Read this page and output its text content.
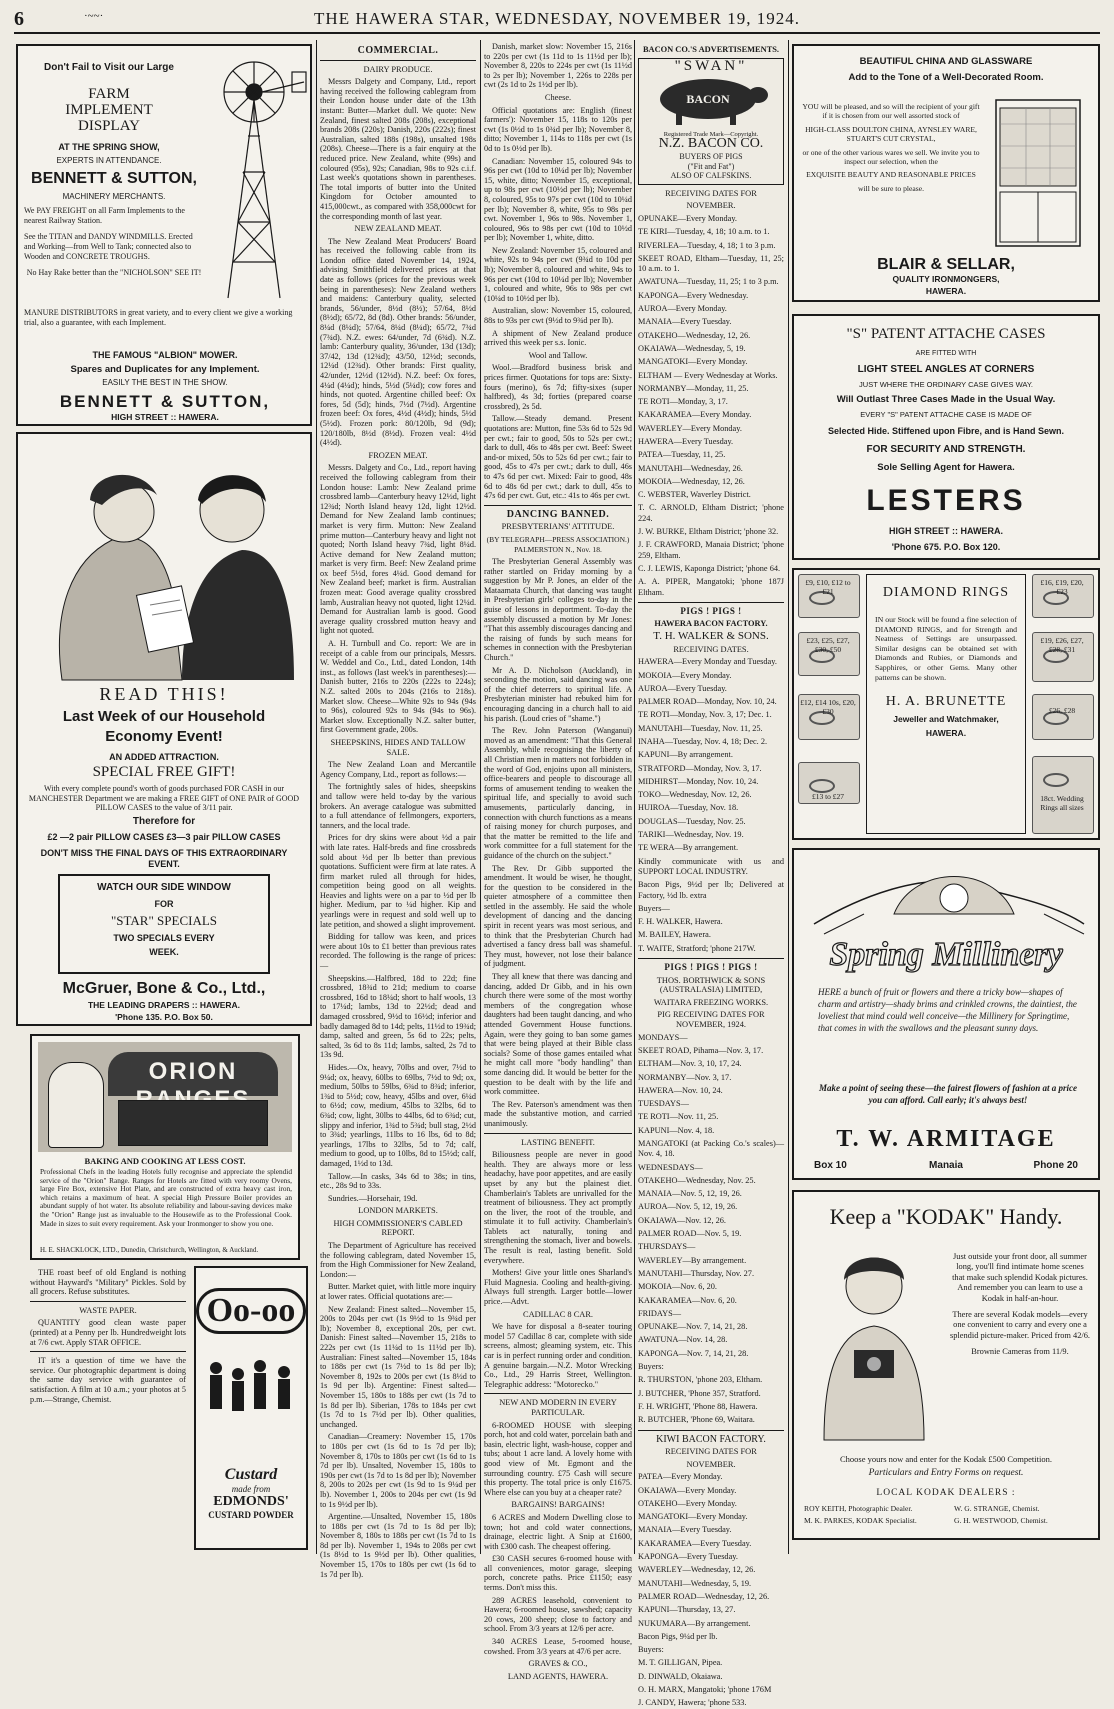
6	·~~·	THE HAWERA STAR, WEDNESDAY, NOVEMBER 19, 1924.
Don't Fail to Visit our Large
FARM
IMPLEMENT
DISPLAY
AT THE SPRING SHOW,
EXPERTS IN ATTENDANCE.
BENNETT & SUTTON,
MACHINERY MERCHANTS.

We PAY FREIGHT on all Farm Implements to the nearest Railway Station.

See the TITAN and DANDY WINDMILLS. Erected and Working—from Well to Tank; connected also to Wooden and CONCRETE TROUGHS.

No Hay Rake better than the "NICHOLSON" SEE IT!

MANURE DISTRIBUTORS in great variety, and to every client we give a working trial, also a guarantee, with each Implement.
THE FAMOUS "ALBION" MOWER.
Spares and Duplicates for any Implement.
EASILY THE BEST IN THE SHOW.
BENNETT & SUTTON,
HIGH STREET :: HAWERA.
READ THIS!
Last Week of our Household
Economy Event!
AN ADDED ATTRACTION.
SPECIAL FREE GIFT!
With every complete pound's worth of goods purchased FOR CASH in our MANCHESTER Department we are making a FREE GIFT of ONE PAIR of GOOD PILLOW CASES to the value of 3/11 pair.
Therefore for
£2 —2 pair PILLOW CASES £3—3 pair PILLOW CASES
DON'T MISS THE FINAL DAYS OF THIS EXTRAORDINARY EVENT.
WATCH OUR SIDE WINDOW
FOR
"STAR" SPECIALS
TWO SPECIALS EVERY
WEEK.
McGruer, Bone & Co., Ltd.,
THE LEADING DRAPERS :: HAWERA.
'Phone 135. P.O. Box 50.
ORION
BAKING AND COOKING AT LESS COST.
Professional Chefs in the leading Hotels fully recognise and appreciate the splendid service of the "Orion" Range. Ranges for Hotels are fitted with very roomy Ovens, large Fire Box, extensive Hot Plate, and are constructed of extra heavy cast iron, which retains a maximum of heat. A special High Pressure Boiler provides an abundant supply of hot water. Its absolute reliability and labour-saving devices make the "Orion" Range just as invaluable to the Housewife as to the Professional Cook. Made in sizes to suit every requirement. Ask your Ironmonger to show you one.
H. E. SHACKLOCK, LTD., Dunedin, Christchurch, Wellington, & Auckland.

THE roast beef of old England is nothing without Hayward's "Military" Pickles. Sold by all grocers. Refuse substitutes.

WASTE PAPER.

QUANTITY good clean waste paper (printed) at a Penny per lb. Hundredweight lots at 7/6 cwt. Apply STAR OFFICE.

IT it's a question of time we have the service. Our photographic department is doing the same day service with guarantee of satisfaction. A film at 10 a.m.; your photos at 5 p.m.—Strange, Chemist.

Oo-oo
Custard
made from
EDMONDS'
CUSTARD POWDER

COMMERCIAL.

DAIRY PRODUCE.

Messrs Dalgety and Company, Ltd., report having received the following cablegram from their London house under date of the 13th instant: Butter—Market dull. We quote: New Zealand, finest salted 208s (208s), exceptional brands 208s (220s); Danish, 220s (222s); finest Australian, salted 188s (198s), unsalted 198s (208s). Cheese—There is a fair enquiry at the reduced price. New Zealand, white (99s) and coloured (95s), 92s; Canadian, 98s to 92s c.i.f. Last week's quotations shown in parentheses. The total imports of butter into the United Kingdom for October amounted to 415,000cwt., as compared with 358,000cwt for the corresponding month of last year.

NEW ZEALAND MEAT.

The New Zealand Meat Producers' Board has received the following cable from its London office dated November 14, 1924, advising Smithfield delivered prices at that date as follows (prices for the previous week being in parentheses): New Zealand wethers and maidens: Canterbury quality, selected brands, 56/under, 8½d (8½); 57/64, 8½d (8½d); 65/72, 8d (8d). Other brands: 56/under, 8¼d (8¼d); 57/64, 8¼d (8¼d); 65/72, 7¾d (7¾d). N.Z. ewes: 64/under, 7d (6¾d). N.Z. lamb: Canterbury quality, 36/under, 13d (13d); 37/42, 13d (12¾d); 43/50, 12½d; seconds, 12¼d (12¾d). Other brands: First quality, 42/under, 12½d (12½d). N.Z. beef: Ox fores, 4¼d (4¼d); hinds, 5½d (5¼d); cow fores and hinds, not quoted. Argentine chilled beef: Ox fores, 5d (5d); hinds, 7½d (7½d). Argentine frozen beef: Ox fores, 4½d (4½d); hinds, 5½d (5½d). Frozen pork: 80/120lb, 9d (9d); 120/180lb, 8½d (8½d). Frozen veal: 4½d (4½d).

FROZEN MEAT.

Messrs. Dalgety and Co., Ltd., report having received the following cablegram from their London house: Lamb: New Zealand prime crossbred lamb—Canterbury heavy 12½d, light 12¾d; North Island heavy 12d, light 12½d. Demand for New Zealand lamb continues; market is very firm. Mutton: New Zealand prime mutton—Canterbury heavy and light not quoted; North Island heavy 7¾d, light 8¼d. Active demand for New Zealand mutton; market is very firm. Beef: New Zealand prime ox beef 5½d, fores 4¼d. Good demand for New Zealand beef; market is firm. Australian frozen meat: Good average quality crossbred lamb, Australian heavy not quoted, light 12¼d. Demand for Australian lamb is good. Good average quality crossbred mutton heavy and light not quoted.

A. H. Turnbull and Co. report: We are in receipt of a cable from our principals, Messrs. W. Weddel and Co., Ltd., dated London, 14th inst., as follows (last week's in parentheses):—Danish butter, 216s to 220s (222s to 224s); N.Z. salted 200s to 204s (216s to 218s). Market slow. Cheese—White 92s to 94s (94s to 96s), coloured 92s to 94s (94s to 96s). Market slow. Exceptionally N.Z. salter butter, first Government grade, 200s.

SHEEPSKINS, HIDES AND TALLOW SALE.

The New Zealand Loan and Mercantile Agency Company, Ltd., report as follows:—

The fortnightly sales of hides, sheepskins and tallow were held to-day by the various brokers. An average catalogue was submitted to a full attendance of fellmongers, exporters, tanners, and the local trade.

Prices for dry skins were about ½d a pair with late rates. Half-breds and fine crossbreds sold about ½d per lb better than previous quotations. Sufficient were firm at late rates. A firm market ruled all through for hides, competition being good on all weights. Heavies and lights were on a par to ½d per lb higher. Medium, par to ¼d higher. Kip and yearlings were in request and sold well up to late petition, and showed a slight improvement.

Bidding for tallow was keen, and prices were about 10s to £1 better than previous rates recorded. The following is the range of prices:—

Sheepskins.—Halfbred, 18d to 22d; fine crossbred, 18¾d to 21d; medium to coarse crossbred, 16d to 18¼d; short to half wools, 13 to 17¼d; lambs, 13d to 22½d; dead and damaged crossbred, 9½d to 16½d; inferior and badly damaged 8d to 14d; pelts, 11½d to 19¾d; damp, salted and green, 5s 6d to 22s; pelts, salted, 3s 6d to 8s 11d; lambs, salted, 2s 7d to 13s 9d.

Hides.—Ox, heavy, 70lbs and over, 7½d to 9¼d; ox, heavy, 60lbs to 69lbs, 7½d to 9d; ox, medium, 50lbs to 59lbs, 6¾d to 8¾d; inferior, 1¾d to 5½d; cow, heavy, 45lbs and over, 6¼d to 6½d; cow, medium, 45lbs to 32lbs, 6d to 6¾d; cow, light, 30lbs to 44lbs, 6d to 6¾d; cut, slippy and inferior, 1¾d to 5¾d; bull stag, 2½d to 3¾d; yearlings, 11lbs to 16 lbs, 6d to 8d; yearlings, 17lbs to 32lbs, 5d to 7d; calf, medium to good, up to 10lbs, 8d to 15½d; calf, damaged, 1½d to 13d.

Tallow.—In casks, 34s 6d to 38s; in tins, etc., 28s 9d to 33s.

Sundries.—Horsehair, 19d.

LONDON MARKETS.

HIGH COMMISSIONER'S CABLED REPORT.

The Department of Agriculture has received the following cablegram, dated November 15, from the High Commissioner for New Zealand, London:—

Butter. Market quiet, with little more inquiry at lower rates. Official quotations are:—

New Zealand: Finest salted—November 15, 200s to 204s per cwt (1s 9½d to 1s 9¾d per lb); November 8, exceptional 20s, per cwt. Danish: Finest salted—November 15, 218s to 222s per cwt (1s 11¼d to 1s 11½d per lb). Australian: Finest salted—November 15, 184s to 188s per cwt (1s 7½d to 1s 8d per lb); November 8, 192s to 200s per cwt (1s 8½d to 1s 9d per lb). Argentine: Finest salted—November 15, 180s to 188s per cwt (1s 7d to 1s 8d per lb). Siberian, 178s to 184s per cwt (1s 7d to 1s 7½d per lb). Other qualities, unchanged.

Canadian—Creamery: November 15, 170s to 180s per cwt (1s 6d to 1s 7d per lb); November 8, 170s to 180s per cwt (1s 6d to 1s 7d per lb). Unsalted, November 15, 180s to 190s per cwt (1s 7d to 1s 8d per lb); November 8, 200s to 202s per cwt (1s 9d to 1s 9¼d per lb). November 1, 200s to 204s per cwt (1s 9d to 1s 9½d per lb).

Argentine.—Unsalted, November 15, 180s to 188s per cwt (1s 7d to 1s 8d per lb); November 8, 180s to 188s per cwt (1s 7d to 1s 8d per lb). November 1, 194s to 208s per cwt (1s 8½d to 1s 9½d per lb). Other qualities, November 15, 170s to 180s per cwt (1s 6d to 1s 7d per lb).

Danish, market slow: November 15, 216s to 220s per cwt (1s 11d to 1s 11½d per lb); November 8, 220s to 224s per cwt (1s 11½d to 2s per lb); November 1, 226s to 228s per cwt (2s 1d to 2s 1½d per lb).

Cheese.

Official quotations are: English (finest farmers'): November 15, 118s to 120s per cwt (1s 0½d to 1s 0¾d per lb); November 8, ditto; November 1, 114s to 118s per cwt (1s 0d to 1s 0½d per lb).

Canadian: November 15, coloured 94s to 96s per cwt (10d to 10¼d per lb); November 15, white, ditto; November 15, exceptional, up to 98s per cwt (10½d per lb); November 8, coloured, 95s to 97s per cwt (10d to 10¼d per lb); November 8, white, 95s to 98s per cwt. November 1, 96s to 98s. November 1, coloured, 96s to 98s per cwt (10d to 10½d per lb); November 1, white, ditto.

New Zealand: November 15, coloured and white, 92s to 94s per cwt (9¾d to 10d per lb); November 8, coloured and white, 94s to 96s per cwt (10d to 10¼d per lb); November 1, coloured and white, 96s to 98s per cwt (10¼d to 10½d per lb).

Australian, slow: November 15, coloured, 88s to 93s per cwt (9½d to 9¾d per lb).

A shipment of New Zealand produce arrived this week per s.s. Ionic.

Wool and Tallow.

Wool.—Bradford business brisk and prices firmer. Quotations for tops are: Sixty-fours (merino), 6s 7d; fifty-sixes (super halfbred), 4s 3d; forties (prepared coarse crossbred), 2s 5d.

Tallow.—Steady demand. Present quotations are: Mutton, fine 53s 6d to 52s 9d per cwt.; fair to good, 50s to 52s per cwt.; dark to dull, 46s to 48s per cwt. Beef: Sweet and-or mixed, 50s to 52s 6d per cwt.; fair to good, 45s to 47s per cwt.; dark to dull, 46s to 47s 6d per cwt. Mixed: Fair to good, 48s 6d to 48s 6d per cwt.; dark to dull, 45s to 47s 6d per cwt. Gut, etc.: 41s to 46s per cwt.

DANCING BANNED.

PRESBYTERIANS' ATTITUDE.

(BY TELEGRAPH—PRESS ASSOCIATION.) PALMERSTON N., Nov. 18.

The Presbyterian General Assembly was rather startled on Friday morning by a suggestion by Mr P. Jones, an elder of the Mataamata Church, that dancing was taught in Presbyterian girls' colleges to-day in the guise of lessons in deportment. To-day the assembly discussed a motion by Mr Jones: "That this assembly discourages dancing and the raising of funds by such means for schemes in connection with the Presbyterian Church."

Mr A. D. Nicholson (Auckland), in seconding the motion, said dancing was one of the chief deterrers to spiritual life. A Presbyterian minister had rebuked him for encouraging dancing in a church hall to aid his parish. (Loud cries of "shame.")

The Rev. John Paterson (Wanganui) moved as an amendment: "That this General Assembly, while recognising the liberty of all Christian men in matters not forbidden in the word of God, enjoins upon all ministers, office-bearers and people to discourage all forms of amusement tending to weaken the spiritual life, and specially to avoid such amusements, particularly dancing, in connection with church functions as a means of raising money for church purposes, and that the matter be remitted to the life and work committee for a full statement for the guidance of the church on the subject."

The Rev. Dr Gibb supported the amendment. It would be wiser, he thought, for the question to be considered in the quieter atmosphere of a committee then settled in the assembly. He said the whole development of dancing and the dancing spirit in recent years was most serious, and to think that the Presbyterian Church had advertised a fancy dress ball was shameful. They must, however, not lose their balance of judgment.

They all knew that there was dancing and dancing, added Dr Gibb, and in his own church there were some of the most worthy members of the congregation whose daughters had been taught dancing, and who attended Government House functions. Again, were they going to ban some games that were being played at their Bible class socials? Some of those games entailed what he might call more "body handling" than some dancing did. It would be better for the question to be dealt with by the life and work committee.

The Rev. Paterson's amendment was then made the substantive motion, and carried unanimously.

LASTING BENEFIT.

Biliousness people are never in good health. They are always more or less headachy, have poor appetites, and are easily upset by any but the plainest diet. Chamberlain's Tablets are unrivalled for the treatment of biliousness. They act promptly on the liver, the root of the trouble, and stimulate it to full activity. Chamberlain's Tablets act naturally, toning and strengthening the stomach, liver and bowels. The result is real, lasting benefit. Sold everywhere.

Mothers! Give your little ones Sharland's Fluid Magnesia. Cooling and health-giving. Always full strength. Larger bottle—lower price.—Advt.

CADILLAC 8 CAR.

We have for disposal a 8-seater touring model 57 Cadillac 8 car, complete with side screens, almost; gleaming system, etc. This car is in perfect running order and condition. A genuine bargain.—N.Z. Motor Wrecking Co., Ltd., 29 Harris Street, Wellington. Telegraphic address: "Motorecko."

NEW AND MODERN IN EVERY PARTICULAR.

6-ROOMED HOUSE with sleeping porch, hot and cold water, porcelain bath and basin, electric light, wash-house, copper and tubs; about 1 acre land. A lovely home with good view of Mt. Egmont and the surrounding country. £75 Cash will secure this property. The total price is only £1675. Where else can you buy at a cheaper rate?

BARGAINS! BARGAINS!

6 ACRES and Modern Dwelling close to town; hot and cold water connections, drainage, electric light. A Snip at £1600, with £300 cash. The cheapest offering.

£30 CASH secures 6-roomed house with all conveniences, motor garage, sleeping porch, concrete paths. Price £1150; easy terms. Don't miss this.

289 ACRES leasehold, convenient to Hawera; 6-roomed house, sawshed; capacity 20 cows, 200 sheep; close to factory and school. From 3/3 years at 12/6 per acre.

340 ACRES Lease, 5-roomed house, cowshed. From 3/3 years at 47/6 per acre.

GRAVES & CO.,

LAND AGENTS, HAWERA.

BACON CO.'S ADVERTISEMENTS.

"SWAN"
BACON
Registered Trade Mark—Copyright.
N.Z. BACON CO.
BUYERS OF PIGS
("Fit and Fat")
ALSO OF CALFSKINS.

RECEIVING DATES FOR

NOVEMBER.

OPUNAKE—Every Monday.

TE KIRI—Tuesday, 4, 18; 10 a.m. to 1.

RIVERLEA—Tuesday, 4, 18; 1 to 3 p.m.

SKEET ROAD, Eltham—Tuesday, 11, 25; 10 a.m. to 1.

AWATUNA—Tuesday, 11, 25; 1 to 3 p.m.

KAPONGA—Every Wednesday.

AUROA—Every Monday.

MANAIA—Every Tuesday.

OTAKEHO—Wednesday, 12, 26.

OKAIAWA—Wednesday, 5, 19.

MANGATOKI—Every Monday.

ELTHAM — Every Wednesday at Works.

NORMANBY—Monday, 11, 25.

TE ROTI—Monday, 3, 17.

KAKARAMEA—Every Monday.

WAVERLEY—Every Monday.

HAWERA—Every Tuesday.

PATEA—Tuesday, 11, 25.

MANUTAHI—Wednesday, 26.

MOKOIA—Wednesday, 12, 26.

C. WEBSTER, Waverley District.

T. C. ARNOLD, Eltham District; 'phone 224.

J. W. BURKE, Eltham District; 'phone 32.

J. F. CRAWFORD, Manaia District; 'phone 259, Eltham.

C. J. LEWIS, Kaponga District; 'phone 64.

A. A. PIPER, Mangatoki; 'phone 187J Eltham.

PIGS ! PIGS !

HAWERA BACON FACTORY.

T. H. WALKER & SONS.

RECEIVING DATES.

HAWERA—Every Monday and Tuesday.

MOKOIA—Every Monday.

AUROA—Every Tuesday.

PALMER ROAD—Monday, Nov. 10, 24.

TE ROTI—Monday, Nov. 3, 17; Dec. 1.

MANUTAHI—Tuesday, Nov. 11, 25.

INAHA—Tuesday, Nov. 4, 18; Dec. 2.

KAPUNI—By arrangement.

STRATFORD—Monday, Nov. 3, 17.

MIDHIRST—Monday, Nov. 10, 24.

TOKO—Wednesday, Nov. 12, 26.

HUIROA—Tuesday, Nov. 18.

DOUGLAS—Tuesday, Nov. 25.

TARIKI—Wednesday, Nov. 19.

TE WERA—By arrangement.

Kindly communicate with us and SUPPORT LOCAL INDUSTRY.

Bacon Pigs, 9½d per lb; Delivered at Factory, ½d lb. extra

Buyers—

F. H. WALKER, Hawera.

M. BAILEY, Hawera.

T. WAITE, Stratford; 'phone 217W.

PIGS ! PIGS ! PIGS !

THOS. BORTHWICK & SONS (AUSTRALASIA) LIMITED,

WAITARA FREEZING WORKS.

PIG RECEIVING DATES FOR NOVEMBER, 1924.

MONDAYS—

SKEET ROAD, Pihama—Nov. 3, 17.

ELTHAM—Nov. 3, 10, 17, 24.

NORMANBY—Nov. 3, 17.

HAWERA—Nov. 10, 24.

TUESDAYS—

TE ROTI—Nov. 11, 25.

KAPUNI—Nov. 4, 18.

MANGATOKI (at Packing Co.'s scales)—Nov. 4, 18.

WEDNESDAYS—

OTAKEHO—Wednesday, Nov. 25.

MANAIA—Nov. 5, 12, 19, 26.

AUROA—Nov. 5, 12, 19, 26.

OKAIAWA—Nov. 12, 26.

PALMER ROAD—Nov. 5, 19.

THURSDAYS—

WAVERLEY—By arrangement.

MANUTAHI—Thursday, Nov. 27.

MOKOIA—Nov. 6, 20.

KAKARAMEA—Nov. 6, 20.

FRIDAYS—

OPUNAKE—Nov. 7, 14, 21, 28.

AWATUNA—Nov. 14, 28.

KAPONGA—Nov. 7, 14, 21, 28.

Buyers:

R. THURSTON, 'phone 203, Eltham.

J. BUTCHER, 'Phone 357, Stratford.

F. H. WRIGHT, 'Phone 88, Hawera.

R. BUTCHER, 'Phone 69, Waitara.

KIWI BACON FACTORY.

RECEIVING DATES FOR

NOVEMBER.

PATEA—Every Monday.

OKAIAWA—Every Monday.

OTAKEHO—Every Monday.

MANGATOKI—Every Monday.

MANAIA—Every Tuesday.

KAKARAMEA—Every Tuesday.

KAPONGA—Every Tuesday.

WAVERLEY—Wednesday, 12, 26.

MANUTAHI—Wednesday, 5, 19.

PALMER ROAD—Wednesday, 12, 26.

KAPUNI—Thursday, 13, 27.

NUKUMARA—By arrangement.

Bacon Pigs, 9¼d per lb.

Buyers:

M. T. GILLIGAN, Pipea.

D. DINWALD, Okaiawa.

O. H. MARX, Mangatoki; 'phone 176M

J. CANDY, Hawera; 'phone 533.

BEAUTIFUL CHINA AND GLASSWARE
Add to the Tone of a Well-Decorated Room.
YOU will be pleased, and so will the recipient of your gift if it is chosen from our well assorted stock of
HIGH-CLASS DOULTON CHINA, AYNSLEY WARE, STUART'S CUT CRYSTAL,
or one of the other various wares we sell. We invite you to inspect our selection, when the
EXQUISITE BEAUTY AND REASONABLE PRICES
will be sure to please.
BLAIR & SELLAR,
QUALITY IRONMONGERS,
HAWERA.
"S" PATENT ATTACHE CASES
ARE FITTED WITH
LIGHT STEEL ANGLES AT CORNERS
JUST WHERE THE ORDINARY CASE GIVES WAY.
Will Outlast Three Cases Made in the Usual Way.
EVERY "S" PATENT ATTACHE CASE IS MADE OF
Selected Hide. Stiffened upon Fibre, and is Hand Sewn.
FOR SECURITY AND STRENGTH.
Sole Selling Agent for Hawera.
LESTERS
HIGH STREET :: HAWERA.
'Phone 675. P.O. Box 120.
£9, £10, £12 to £21
£23, £25, £27, £30, £50
£12, £14 10s, £20, £30
£13 to £27
£16, £19, £20, £23
£19, £26, £27, £28, £31
£26, £28
18ct. Wedding Rings all sizes
DIAMOND RINGS
IN our Stock will be found a fine selection of DIAMOND RINGS, and for Strength and Neatness of Settings are unsurpassed. Similar designs can be obtained set with Diamonds and Rubies, or Diamonds and Sapphires, or other Gems. Many other patterns can be shown.
H. A. BRUNETTE
Jeweller and Watchmaker,
HAWERA.
Spring Millinery
HERE a bunch of fruit or flowers and there a tricky bow—shapes of charm and artistry—shady brims and crinkled crowns, the daintiest, the loveliest that mind could well conceive—the Millinery for Springtime, that comes in with the swallows and the pleasant sunny days.
Make a point of seeing these—the fairest flowers of fashion at a price you can afford. Call early; it's always best!
T. W. ARMITAGE
Box 10	Manaia	Phone 20
Keep a "KODAK" Handy.
Just outside your front door, all summer long, you'll find intimate home scenes that make such splendid Kodak pictures. And remember you can learn to use a Kodak in half-an-hour.
There are several Kodak models—every one convenient to carry and every one a splendid picture-maker. Priced from 42/6.
Brownie Cameras from 11/9.
Choose yours now and enter for the Kodak £500 Competition.
Particulars and Entry Forms on request.
LOCAL KODAK DEALERS :
ROY KEITH, Photographic Dealer.	W. G. STRANGE, Chemist.
M. K. PARKES, KODAK Specialist.	G. H. WESTWOOD, Chemist.
